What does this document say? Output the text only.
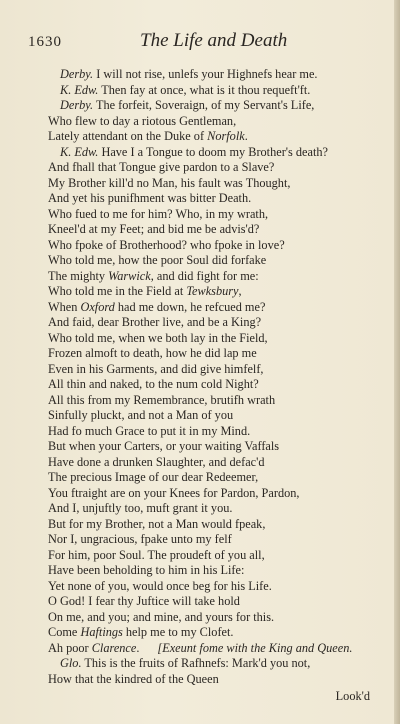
1630	The Life and Death
Derby. I will not rise, unlefs your Highnefs hear me.
K. Edw. Then fay at once, what is it thou requeft'ft.
Derby. The forfeit, Soveraign, of my Servant's Life,
Who flew to day a riotous Gentleman,
Lately attendant on the Duke of Norfolk.
K. Edw. Have I a Tongue to doom my Brother's death?
And fhall that Tongue give pardon to a Slave?
My Brother kill'd no Man, his fault was Thought,
And yet his punifhment was bitter Death.
Who fued to me for him? Who, in my wrath,
Kneel'd at my Feet; and bid me be advis'd?
Who fpoke of Brotherhood? who fpoke in love?
Who told me, how the poor Soul did forfake
The mighty Warwick, and did fight for me:
Who told me in the Field at Tewksbury,
When Oxford had me down, he refcued me?
And faid, dear Brother live, and be a King?
Who told me, when we both lay in the Field,
Frozen almoft to death, how he did lap me
Even in his Garments, and did give himfelf,
All thin and naked, to the num cold Night?
All this from my Remembrance, brutifh wrath
Sinfully pluckt, and not a Man of you
Had fo much Grace to put it in my Mind.
But when your Carters, or your waiting Vaffals
Have done a drunken Slaughter, and defac'd
The precious Image of our dear Redeemer,
You ftraight are on your Knees for Pardon, Pardon,
And I, unjuftly too, muft grant it you.
But for my Brother, not a Man would fpeak,
Nor I, ungracious, fpake unto my felf
For him, poor Soul. The proudeft of you all,
Have been beholding to him in his Life:
Yet none of you, would once beg for his Life.
O God! I fear thy Juftice will take hold
On me, and you; and mine, and yours for this.
Come Haftings help me to my Clofet.
Ah poor Clarence. [Exeunt fome with the King and Queen.
Glo. This is the fruits of Rafhnefs: Mark'd you not,
How that the kindred of the Queen
Look'd
